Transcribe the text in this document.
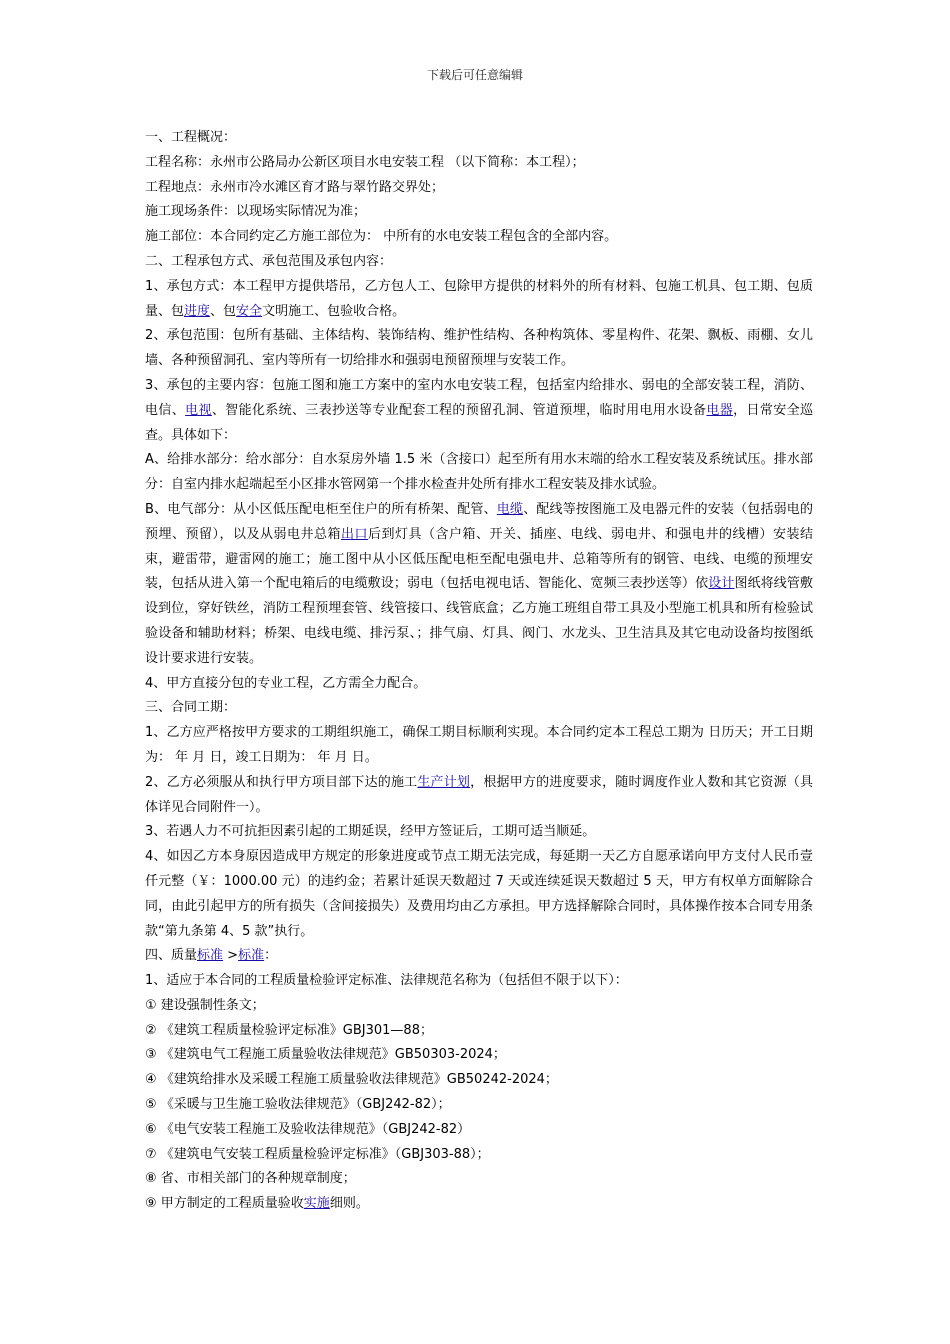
下载后可任意编辑

一、工程概况：

工程名称：永州市公路局办公新区项目水电安装工程 （以下简称：本工程）；

工程地点：永州市冷水滩区育才路与翠竹路交界处；

施工现场条件：以现场实际情况为准；

施工部位：本合同约定乙方施工部位为： 中所有的水电安装工程包含的全部内容。

二、工程承包方式、承包范围及承包内容：

1、承包方式：本工程甲方提供塔吊，乙方包人工、包除甲方提供的材料外的所有材料、包施工机具、包工期、包质量、包进度、包安全文明施工、包验收合格。

2、承包范围：包所有基础、主体结构、装饰结构、维护性结构、各种构筑体、零星构件、花架、飘板、雨棚、女儿墙、各种预留洞孔、室内等所有一切给排水和强弱电预留预埋与安装工作。

3、承包的主要内容：包施工图和施工方案中的室内水电安装工程，包括室内给排水、弱电的全部安装工程，消防、电信、电视、智能化系统、三表抄送等专业配套工程的预留孔洞、管道预埋，临时用电用水设备电器，日常安全巡查。具体如下：

A、给排水部分：给水部分：自水泵房外墙 1.5 米（含接口）起至所有用水末端的给水工程安装及系统试压。排水部分：自室内排水起端起至小区排水管网第一个排水检查井处所有排水工程安装及排水试验。

B、电气部分：从小区低压配电柜至住户的所有桥架、配管、电缆、配线等按图施工及电器元件的安装（包括弱电的预埋、预留），以及从弱电井总箱出口后到灯具（含户箱、开关、插座、电线、弱电井、和强电井的线槽）安装结束，避雷带，避雷网的施工；施工图中从小区低压配电柜至配电强电井、总箱等所有的钢管、电线、电缆的预埋安装，包括从进入第一个配电箱后的电缆敷设；弱电（包括电视电话、智能化、宽频三表抄送等）依设计图纸将线管敷设到位，穿好铁丝，消防工程预埋套管、线管接口、线管底盒；乙方施工班组自带工具及小型施工机具和所有检验试验设备和辅助材料；桥架、电线电缆、排污泵、；排气扇、灯具、阀门、水龙头、卫生洁具及其它电动设备均按图纸设计要求进行安装。

4、甲方直接分包的专业工程，乙方需全力配合。

三、合同工期：

1、乙方应严格按甲方要求的工期组织施工，确保工期目标顺利实现。本合同约定本工程总工期为 日历天；开工日期为： 年 月 日，竣工日期为： 年 月 日。

2、乙方必须服从和执行甲方项目部下达的施工生产计划，根据甲方的进度要求，随时调度作业人数和其它资源（具体详见合同附件一）。

3、若遇人力不可抗拒因素引起的工期延误，经甲方签证后，工期可适当顺延。

4、如因乙方本身原因造成甲方规定的形象进度或节点工期无法完成，每延期一天乙方自愿承诺向甲方支付人民币壹仟元整（￥：1000.00 元）的违约金；若累计延误天数超过 7 天或连续延误天数超过 5 天，甲方有权单方面解除合同，由此引起甲方的所有损失（含间接损失）及费用均由乙方承担。甲方选择解除合同时，具体操作按本合同专用条款“第九条第 4、5 款”执行。

四、质量标准 >标准：

1、适应于本合同的工程质量检验评定标准、法律规范名称为（包括但不限于以下）：

① 建设强制性条文；

② 《建筑工程质量检验评定标准》GBJ301—88；

③ 《建筑电气工程施工质量验收法律规范》GB50303-2024；

④ 《建筑给排水及采暖工程施工质量验收法律规范》GB50242-2024；

⑤ 《采暖与卫生施工验收法律规范》（GBJ242-82）；

⑥ 《电气安装工程施工及验收法律规范》（GBJ242-82）

⑦ 《建筑电气安装工程质量检验评定标准》（GBJ303-88）；

⑧ 省、市相关部门的各种规章制度；

⑨ 甲方制定的工程质量验收实施细则。
